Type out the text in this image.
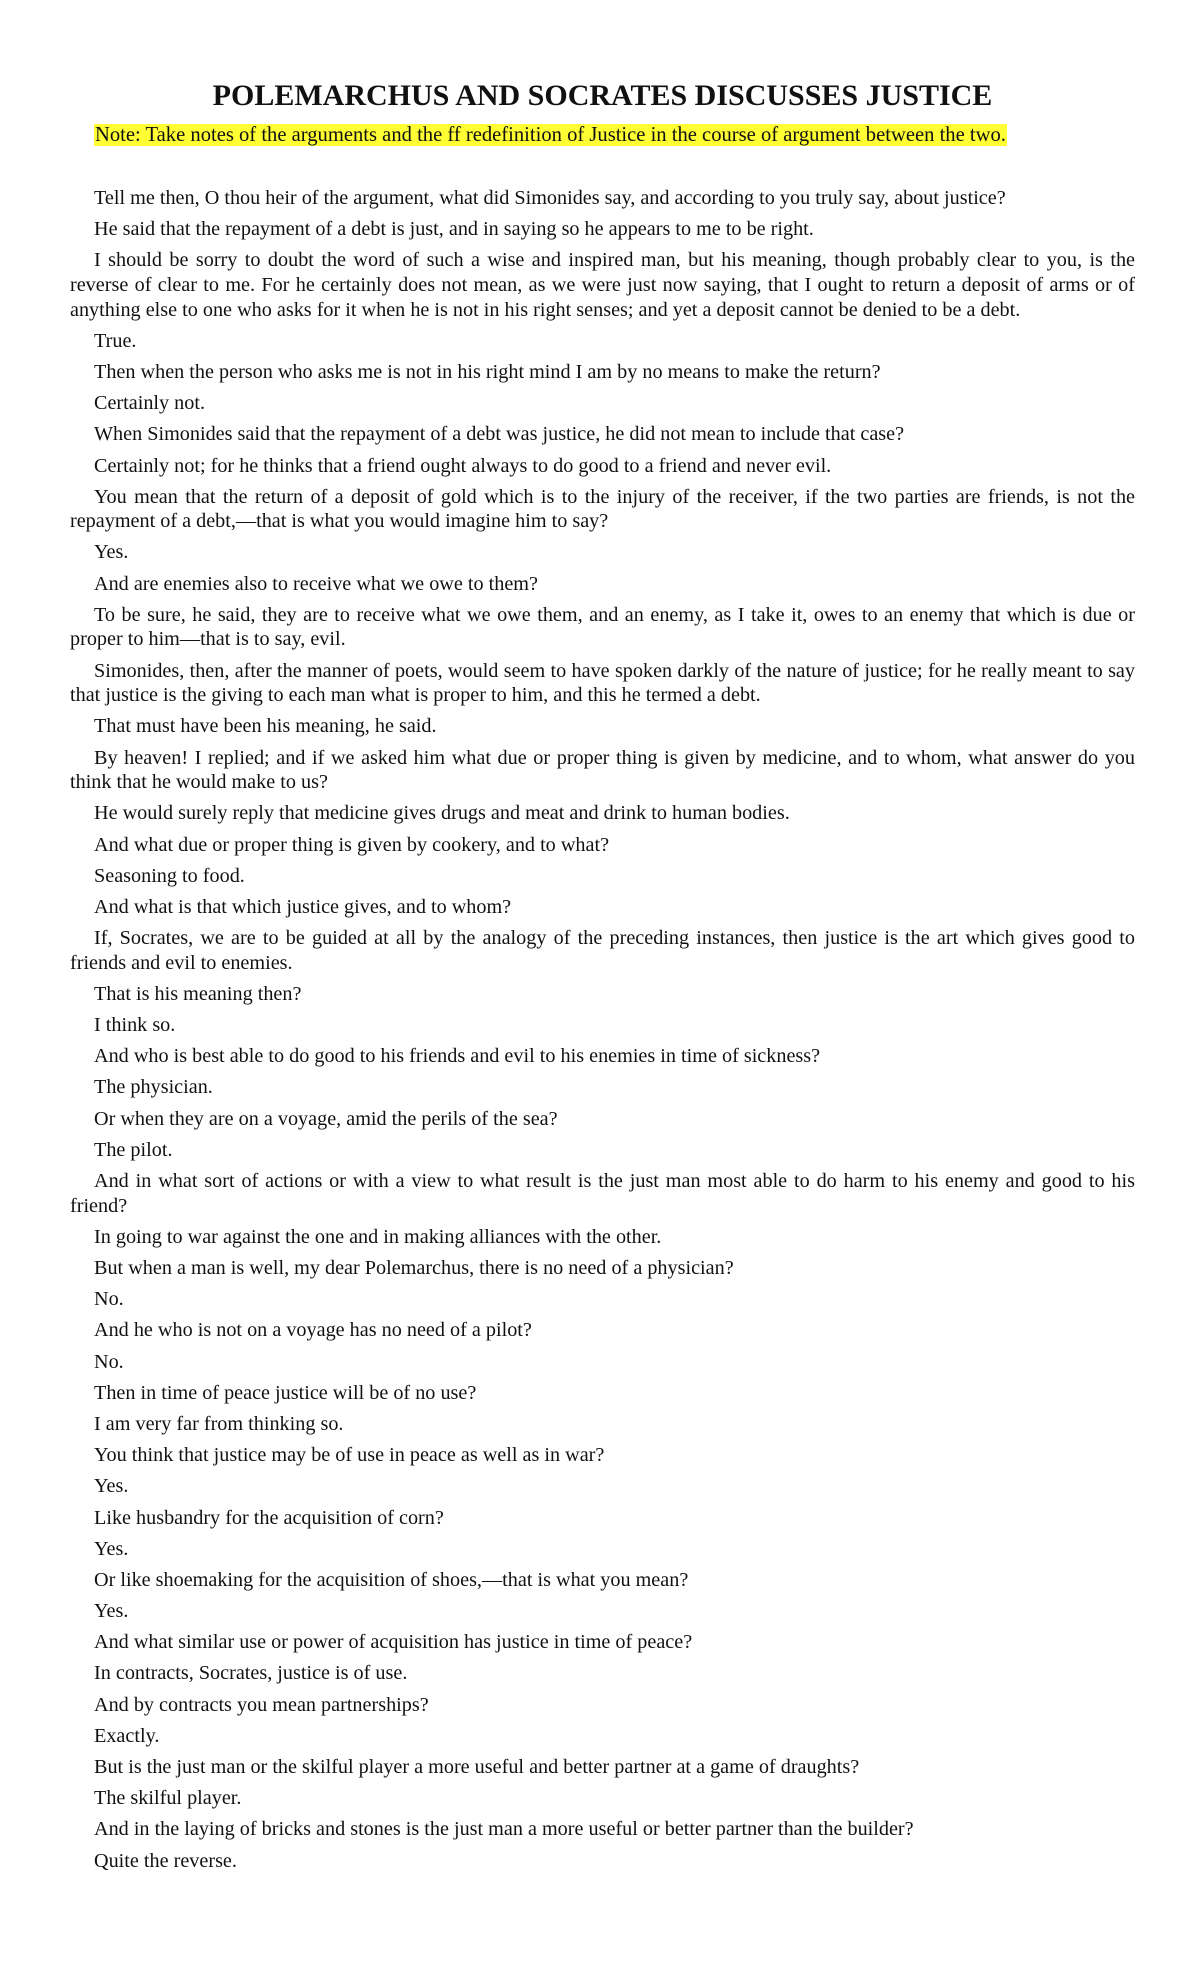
POLEMARCHUS AND SOCRATES DISCUSSES JUSTICE
Note: Take notes of the arguments and the ff redefinition of Justice in the course of argument between the two.

Tell me then, O thou heir of the argument, what did Simonides say, and according to you truly say, about justice?

He said that the repayment of a debt is just, and in saying so he appears to me to be right.

I should be sorry to doubt the word of such a wise and inspired man, but his meaning, though probably clear to you, is the reverse of clear to me. For he certainly does not mean, as we were just now saying, that I ought to return a deposit of arms or of anything else to one who asks for it when he is not in his right senses; and yet a deposit cannot be denied to be a debt.

True.

Then when the person who asks me is not in his right mind I am by no means to make the return?

Certainly not.

When Simonides said that the repayment of a debt was justice, he did not mean to include that case?

Certainly not; for he thinks that a friend ought always to do good to a friend and never evil.

You mean that the return of a deposit of gold which is to the injury of the receiver, if the two parties are friends, is not the repayment of a debt,—that is what you would imagine him to say?

Yes.

And are enemies also to receive what we owe to them?

To be sure, he said, they are to receive what we owe them, and an enemy, as I take it, owes to an enemy that which is due or proper to him—that is to say, evil.

Simonides, then, after the manner of poets, would seem to have spoken darkly of the nature of justice; for he really meant to say that justice is the giving to each man what is proper to him, and this he termed a debt.

That must have been his meaning, he said.

By heaven! I replied; and if we asked him what due or proper thing is given by medicine, and to whom, what answer do you think that he would make to us?

He would surely reply that medicine gives drugs and meat and drink to human bodies.

And what due or proper thing is given by cookery, and to what?

Seasoning to food.

And what is that which justice gives, and to whom?

If, Socrates, we are to be guided at all by the analogy of the preceding instances, then justice is the art which gives good to friends and evil to enemies.

That is his meaning then?

I think so.

And who is best able to do good to his friends and evil to his enemies in time of sickness?

The physician.

Or when they are on a voyage, amid the perils of the sea?

The pilot.

And in what sort of actions or with a view to what result is the just man most able to do harm to his enemy and good to his friend?

In going to war against the one and in making alliances with the other.

But when a man is well, my dear Polemarchus, there is no need of a physician?

No.

And he who is not on a voyage has no need of a pilot?

No.

Then in time of peace justice will be of no use?

I am very far from thinking so.

You think that justice may be of use in peace as well as in war?

Yes.

Like husbandry for the acquisition of corn?

Yes.

Or like shoemaking for the acquisition of shoes,—that is what you mean?

Yes.

And what similar use or power of acquisition has justice in time of peace?

In contracts, Socrates, justice is of use.

And by contracts you mean partnerships?

Exactly.

But is the just man or the skilful player a more useful and better partner at a game of draughts?

The skilful player.

And in the laying of bricks and stones is the just man a more useful or better partner than the builder?

Quite the reverse.
